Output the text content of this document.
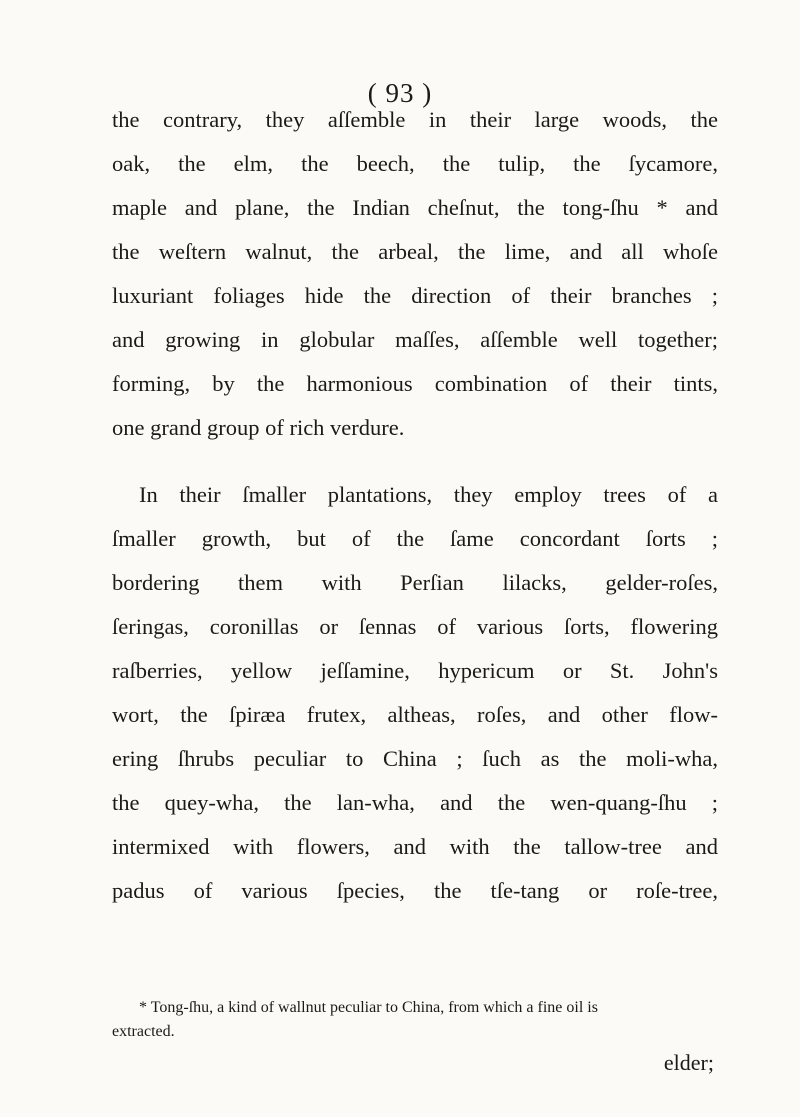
( 93 )
the contrary, they aſſemble in their large woods, the
oak, the elm, the beech, the tulip, the ſycamore,
maple and plane, the Indian cheſnut, the tong-ſhu * and
the weſtern walnut, the arbeal, the lime, and all whoſe
luxuriant foliages hide the direction of their branches ;
and growing in globular maſſes, aſſemble well together;
forming, by the harmonious combination of their tints,
one grand group of rich verdure.
In their ſmaller plantations, they employ trees of a
ſmaller growth, but of the ſame concordant ſorts ;
bordering them with Perſian lilacks, gelder-roſes,
ſeringas, coronillas or ſennas of various ſorts, flowering
raſberries, yellow jeſſamine, hypericum or St. John's
wort, the ſpiræa frutex, altheas, roſes, and other flow-
ering ſhrubs peculiar to China ; ſuch as the moli-wha,
the quey-wha, the lan-wha, and the wen-quang-ſhu ;
intermixed with flowers, and with the tallow-tree and
padus of various ſpecies, the tſe-tang or roſe-tree,
* Tong-ſhu, a kind of wallnut peculiar to China, from which a fine oil is
extracted.
elder;
